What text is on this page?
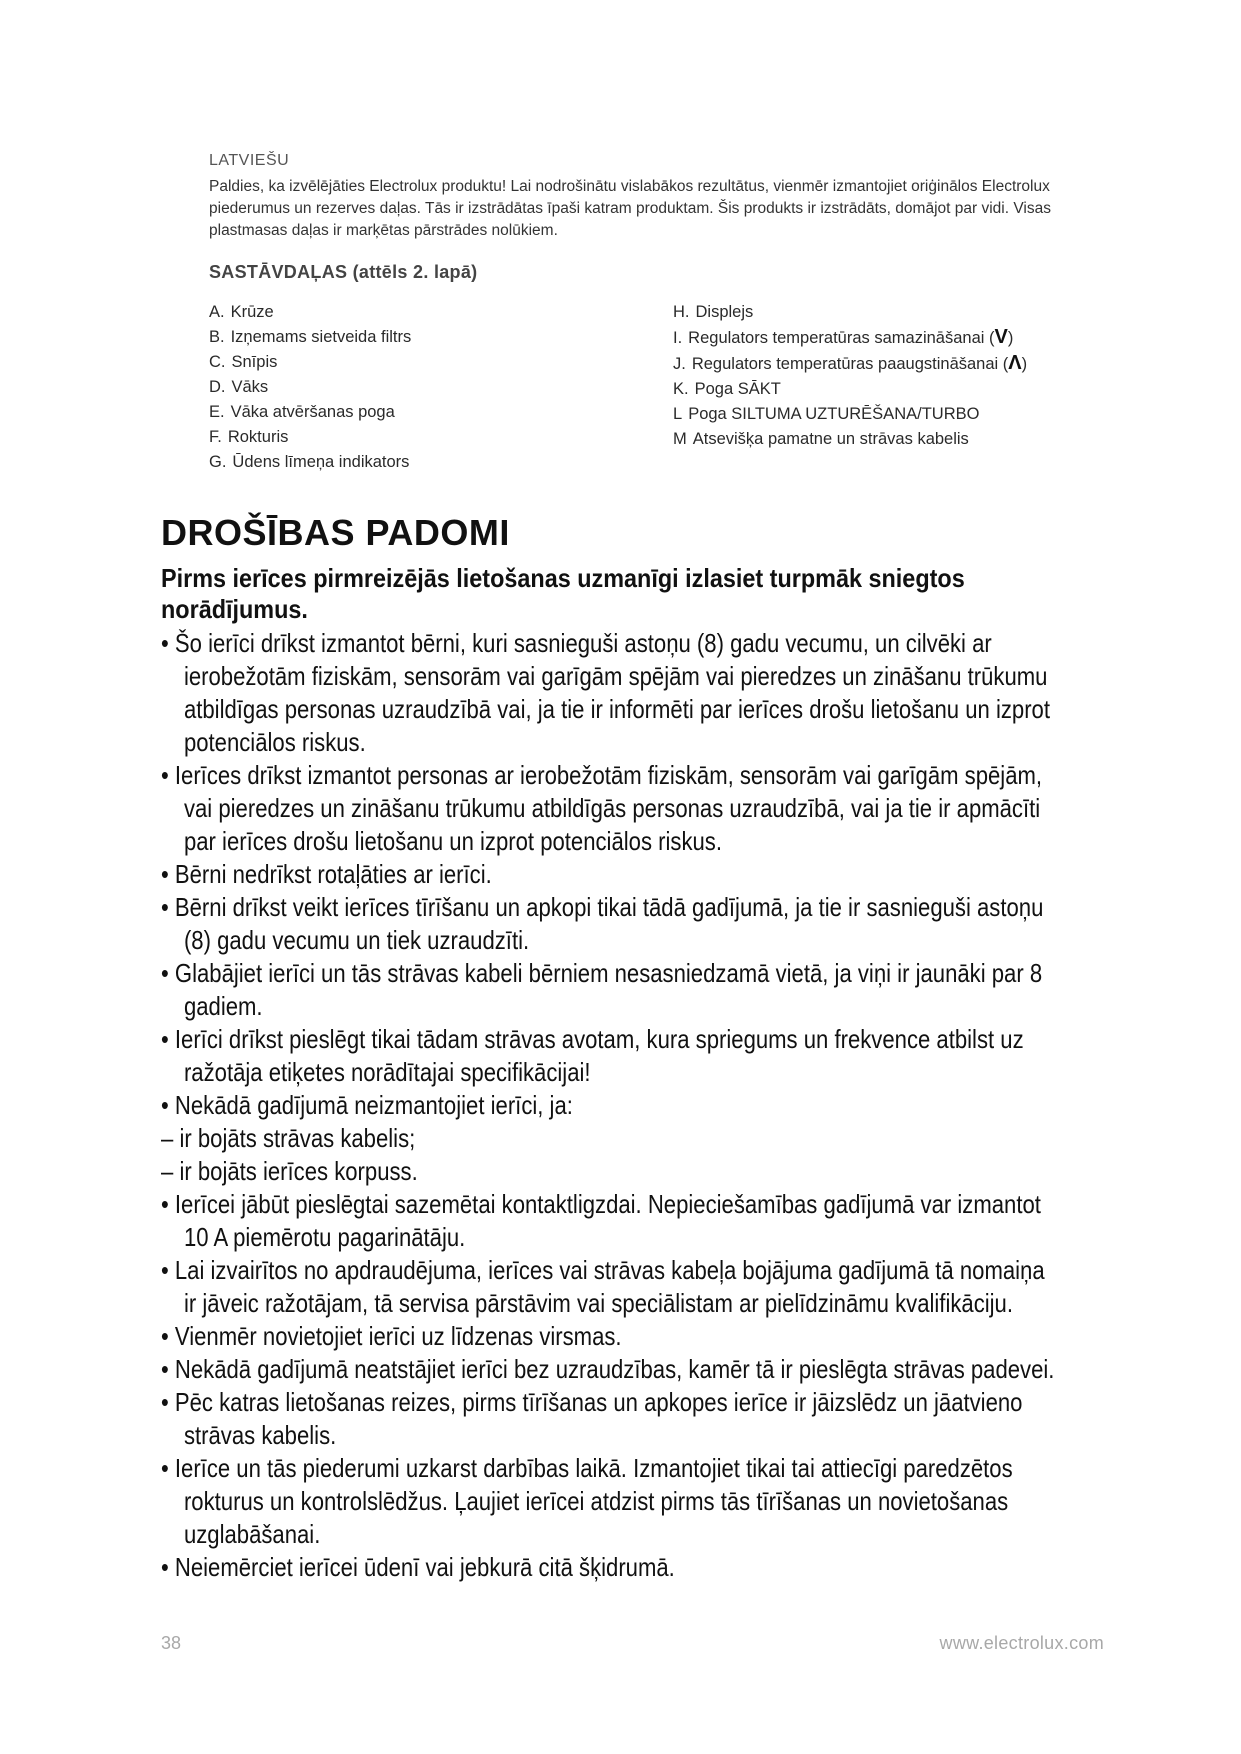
LATVIEŠU
Paldies, ka izvēlējāties Electrolux produktu! Lai nodrošinātu vislabākos rezultātus, vienmēr izmantojiet oriģinālos Electrolux piederumus un rezerves daļas. Tās ir izstrādātas īpaši katram produktam. Šis produkts ir izstrādāts, domājot par vidi. Visas plastmasas daļas ir marķētas pārstrādes nolūkiem.
SASTĀVDAĻAS (attēls 2. lapā)
A. Krūze
B. Izņemams sietveida filtrs
C. Snīpis
D. Vāks
E. Vāka atvēršanas poga
F. Rokturis
G. Ūdens līmeņa indikators
H. Displejs
I. Regulators temperatūras samazināšanai (V)
J. Regulators temperatūras paaugstināšanai (Λ)
K. Poga SĀKT
L Poga SILTUMA UZTURĒŠANA/TURBO
M Atsevišķa pamatne un strāvas kabelis
DROŠĪBAS PADOMI
Pirms ierīces pirmreizējās lietošanas uzmanīgi izlasiet turpmāk sniegtos norādījumus.
• Šo ierīci drīkst izmantot bērni, kuri sasnieguši astoņu (8) gadu vecumu, un cilvēki ar ierobežotām fiziskām, sensorām vai garīgām spējām vai pieredzes un zināšanu trūkumu atbildīgas personas uzraudzībā vai, ja tie ir informēti par ierīces drošu lietošanu un izprot potenciālos riskus.
• Ierīces drīkst izmantot personas ar ierobežotām fiziskām, sensorām vai garīgām spējām, vai pieredzes un zināšanu trūkumu atbildīgās personas uzraudzībā, vai ja tie ir apmācīti par ierīces drošu lietošanu un izprot potenciālos riskus.
• Bērni nedrīkst rotaļāties ar ierīci.
• Bērni drīkst veikt ierīces tīrīšanu un apkopi tikai tādā gadījumā, ja tie ir sasnieguši astoņu (8) gadu vecumu un tiek uzraudzīti.
• Glabājiet ierīci un tās strāvas kabeli bērniem nesasniedzamā vietā, ja viņi ir jaunāki par 8 gadiem.
• Ierīci drīkst pieslēgt tikai tādam strāvas avotam, kura spriegums un frekvence atbilst uz ražotāja etiķetes norādītajai specifikācijai!
• Nekādā gadījumā neizmantojiet ierīci, ja:
– ir bojāts strāvas kabelis;
– ir bojāts ierīces korpuss.
• Ierīcei jābūt pieslēgtai sazemētai kontaktligzdai. Nepieciešamības gadījumā var izmantot 10 A piemērotu pagarinātāju.
• Lai izvairītos no apdraudējuma, ierīces vai strāvas kabeļa bojājuma gadījumā tā nomaiņa ir jāveic ražotājam, tā servisa pārstāvim vai speciālistam ar pielīdzināmu kvalifikāciju.
• Vienmēr novietojiet ierīci uz līdzenas virsmas.
• Nekādā gadījumā neatstājiet ierīci bez uzraudzības, kamēr tā ir pieslēgta strāvas padevei.
• Pēc katras lietošanas reizes, pirms tīrīšanas un apkopes ierīce ir jāizslēdz un jāatvieno strāvas kabelis.
• Ierīce un tās piederumi uzkarst darbības laikā. Izmantojiet tikai tai attiecīgi paredzētos rokturus un kontrolslēdžus. Ļaujiet ierīcei atdzist pirms tās tīrīšanas un novietošanas uzglabāšanai.
• Neiemērciet ierīcei ūdenī vai jebkurā citā šķidrumā.
38	www.electrolux.com
